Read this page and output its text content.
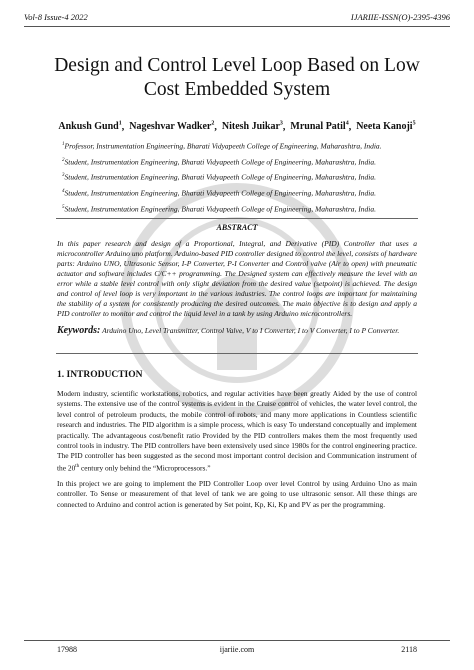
Vol-8 Issue-4 2022	IJARIIE-ISSN(O)-2395-4396
Design and Control Level Loop Based on Low Cost Embedded System
Ankush Gund$^1$,  Nageshvar Wadker$^2$,  Nitesh Juikar$^3$,  Mrunal Patil$^4$,  Neeta Kanoji$^5$
$^1$Professor, Instrumentation Engineering, Bharati Vidyapeeth College of Engineering, Maharashtra, India.
$^2$Student, Instrumentation Engineering, Bharati Vidyapeeth College of Engineering, Maharashtra, India.
$^3$Student, Instrumentation Engineering, Bharati Vidyapeeth College of Engineering, Maharashtra, India.
$^4$Student, Instrumentation Engineering, Bharati Vidyapeeth College of Engineering, Maharashtra, India.
$^5$Student, Instrumentation Engineering, Bharati Vidyapeeth College of Engineering, Maharashtra, India.
ABSTRACT
In this paper research and design of a Proportional, Integral, and Derivative (PID) Controller that uses a microcontroller Arduino uno platform. Arduino-based PID controller designed to control the level, consists of hardware parts: Arduino UNO, Ultrasonic Sensor, I-P Converter, P-I Converter and Control valve (Air to open) with pneumatic actuator and software includes C/C++ programming. The Designed system can effectively measure the level with an error while a stable level control with only slight deviation from the desired value (setpoint) is achieved. The design and control of level loop is very important in the various industries. The control loops are important for maintaining the stability of a system for consistently producing the desired outcomes. The main objective is to design and apply a PID controller to monitor and control the liquid level in a tank by using Arduino microcontrollers.
Keywords: Arduino Uno, Level Transmitter, Control Valve, V to I Converter, I to V Converter, I to P Converter.
1. INTRODUCTION
Modern industry, scientific workstations, robotics, and regular activities have been greatly Aided by the use of control systems. The extensive use of the control systems is evident in the Cruise control of vehicles, the water level control, the level control of petroleum products, the mobile control of robots, and many more applications in Countless scientific research and industries. The PID algorithm is a simple process, which is easy To understand conceptually and implement practically. The advantageous cost/benefit ratio Provided by the PID controllers makes them the most frequently used control tools in industry. The PID controllers have been extensively used since 1980s for the control engineering practice. The PID controller has been suggested as the second most important control decision and Communication instrument of the 20th century only behind the “Microprocessors.”
In this project we are going to implement the PID Controller Loop over level Control by using Arduino Uno as main controller. To Sense or measurement of that level of tank we are going to use ultrasonic sensor. All these things are connected to Arduino and control action is generated by Set point, Kp, Ki, Kp and PV as per the programming.
17988	ijariie.com	2118
